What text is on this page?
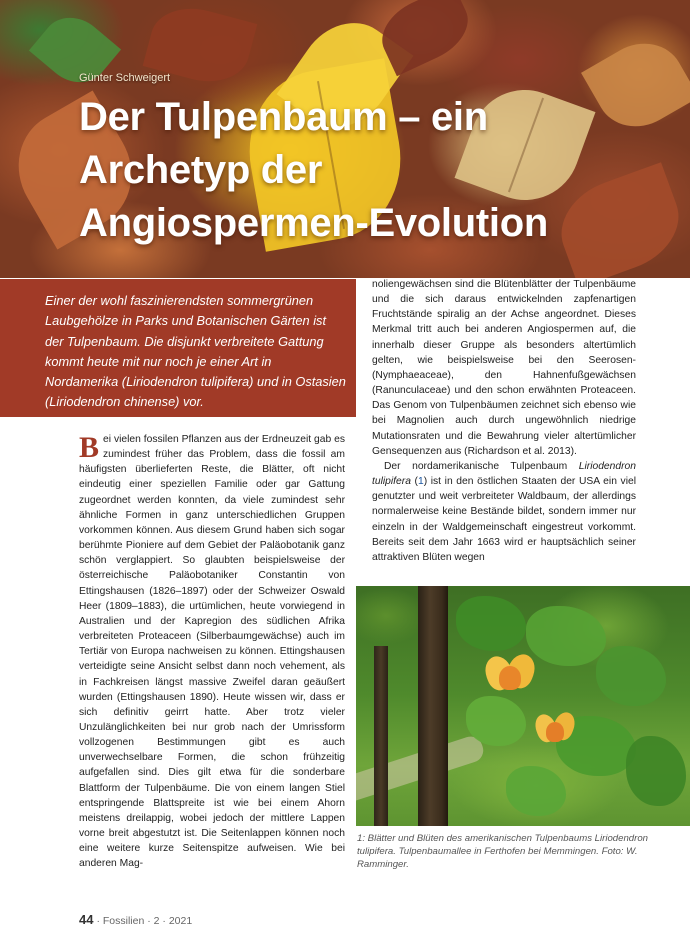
Günter Schweigert
Der Tulpenbaum – ein Archetyp der Angiospermen-Evolution

Einer der wohl faszinierendsten sommergrünen Laubgehölze in Parks und Botanischen Gärten ist der Tulpenbaum. Die disjunkt verbreitete Gattung kommt heute mit nur noch je einer Art in Nordamerika (Liriodendron tulipifera) und in Ostasien (Liriodendron chinense) vor.

Bei vielen fossilen Pflanzen aus der Erdneuzeit gab es zumindest früher das Problem, dass die fossil am häufigsten überlieferten Reste, die Blätter, oft nicht eindeutig einer speziellen Familie oder gar Gattung zugeordnet werden konnten, da viele zumindest sehr ähnliche Formen in ganz unterschiedlichen Gruppen vorkommen können. Aus diesem Grund haben sich sogar berühmte Pioniere auf dem Gebiet der Paläobotanik ganz schön verglappiert. So glaubten beispielsweise der österreichische Paläobotaniker Constantin von Ettingshausen (1826–1897) oder der Schweizer Oswald Heer (1809–1883), die urtümlichen, heute vorwiegend in Australien und der Kapregion des südlichen Afrika verbreiteten Proteaceen (Silberbaumgewächse) auch im Tertiär von Europa nachweisen zu können. Ettingshausen verteidigte seine Ansicht selbst dann noch vehement, als in Fachkreisen längst massive Zweifel daran geäußert wurden (Ettingshausen 1890). Heute wissen wir, dass er sich definitiv geirrt hatte. Aber trotz vieler Unzulänglichkeiten bei nur grob nach der Umrissform vollzogenen Bestimmungen gibt es auch unverwechselbare Formen, die schon frühzeitig aufgefallen sind. Dies gilt etwa für die sonderbare Blattform der Tulpenbäume. Die von einem langen Stiel entspringende Blattspreite ist wie bei einem Ahorn meistens dreilappig, wobei jedoch der mittlere Lappen vorne breit abgestutzt ist. Die Seitenlappen können noch eine weitere kurze Seitenspitze aufweisen. Wie bei anderen Mag-

noliengewächsen sind die Blütenblätter der Tulpenbäume und die sich daraus entwickelnden zapfenartigen Fruchtstände spiralig an der Achse angeordnet. Dieses Merkmal tritt auch bei anderen Angiospermen auf, die innerhalb dieser Gruppe als besonders altertümlich gelten, wie beispielsweise bei den Seerosen- (Nymphaeaceae), den Hahnenfußgewächsen (Ranunculaceae) und den schon erwähnten Proteaceen. Das Genom von Tulpenbäumen zeichnet sich ebenso wie bei Magnolien auch durch ungewöhnlich niedrige Mutationsraten und die Bewahrung vieler altertümlicher Gensequenzen aus (Richardson et al. 2013).

Der nordamerikanische Tulpenbaum Liriodendron tulipifera (1) ist in den östlichen Staaten der USA ein viel genutzter und weit verbreiteter Waldbaum, der allerdings normalerweise keine Bestände bildet, sondern immer nur einzeln in der Waldgemeinschaft eingestreut vorkommt. Bereits seit dem Jahr 1663 wird er hauptsächlich seiner attraktiven Blüten wegen

1: Blätter und Blüten des amerikanischen Tulpenbaums Liriodendron tulipifera. Tulpenbaumallee in Ferthofen bei Memmingen. Foto: W. Ramminger.

44 · Fossilien · 2 · 2021
